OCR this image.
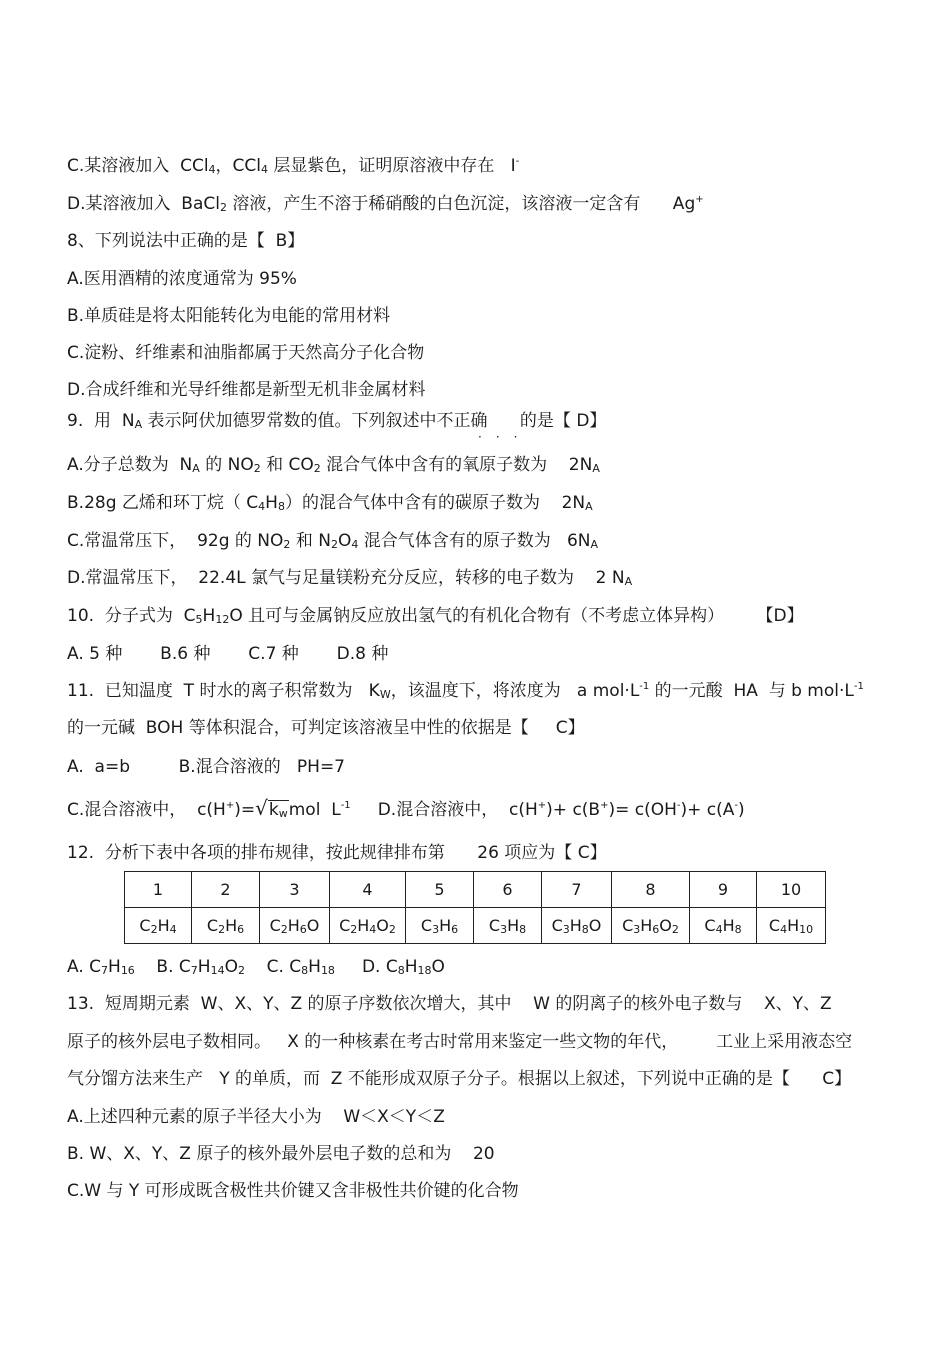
C.某溶液加入  CCl$_4$，CCl$_4$ 层显紫色，证明原溶液中存在   I-
D.某溶液加入  BaCl$_2$ 溶液，产生不溶于稀硝酸的白色沉淀，该溶液一定含有      Ag+
8、下列说法中正确的是【  B】
A.医用酒精的浓度通常为 95%
B.单质硅是将太阳能转化为电能的常用材料
C.淀粉、纤维素和油脂都属于天然高分子化合物
D.合成纤维和光导纤维都是新型无机非金属材料
9.  用  $N_A$ 表示阿伏加德罗常数的值。下列叙述中不正确      的是【 D】
···
A.分子总数为  $N_A$ 的 $NO_2$ 和 $CO_2$ 混合气体中含有的氧原子数为    $2N_A$
B.28g 乙烯和环丁烷（ $C_4H_8$）的混合气体中含有的碳原子数为    $2N_A$
C.常温常压下，  92g 的 $NO_2$ 和 $N_2O_4$ 混合气体含有的原子数为   $6N_A$
D.常温常压下，  22.4L 氯气与足量镁粉充分反应，转移的电子数为    2 $N_A$
10.  分子式为  $C_5H_{12}O$ 且可与金属钠反应放出氢气的有机化合物有（不考虑立体异构）      【D】
A. 5 种       B.6 种       C.7 种       D.8 种
11.  已知温度  T 时水的离子积常数为   $K_W$，该温度下，将浓度为   a $mol\cdot L^{-1}$ 的一元酸  HA  与 b $mol\cdot L^{-1}$
的一元碱  BOH 等体积混合，可判定该溶液呈中性的依据是【     C】
A.  a=b         B.混合溶液的   PH=7
C.混合溶液中，  $c(H^+)=√k_wmol$  $L^{-1}$     D.混合溶液中，  c(H+)+ c(B+)= c(OH-)+ c(A-)
12.  分析下表中各项的排布规律，按此规律排布第      26 项应为【 C】
1	2	3	4	5	6	7	8	9	10
$C_2H_4$	$C_2H_6$	$C_2H_6O$	$C_2H_4O_2$	$C_3H_6$	$C_3H_8$	$C_3H_8O$	$C_3H_6O_2$	$C_4H_8$	$C_4H_{10}$
A. $C_7H_{16}$    B. $C_7H_{14}O_2$    C. $C_8H_{18}$     D. $C_8H_{18}O$
13.  短周期元素  W、X、Y、Z 的原子序数依次增大，其中    W 的阴离子的核外电子数与    X、Y、Z
原子的核外层电子数相同。   X 的一种核素在考古时常用来鉴定一些文物的年代，       工业上采用液态空
气分馏方法来生产   Y 的单质，而  Z 不能形成双原子分子。根据以上叙述，下列说中正确的是【      C】
A.上述四种元素的原子半径大小为    W＜X＜Y＜Z
B. W、X、Y、Z 原子的核外最外层电子数的总和为    20
C.W 与 Y 可形成既含极性共价键又含非极性共价键的化合物
